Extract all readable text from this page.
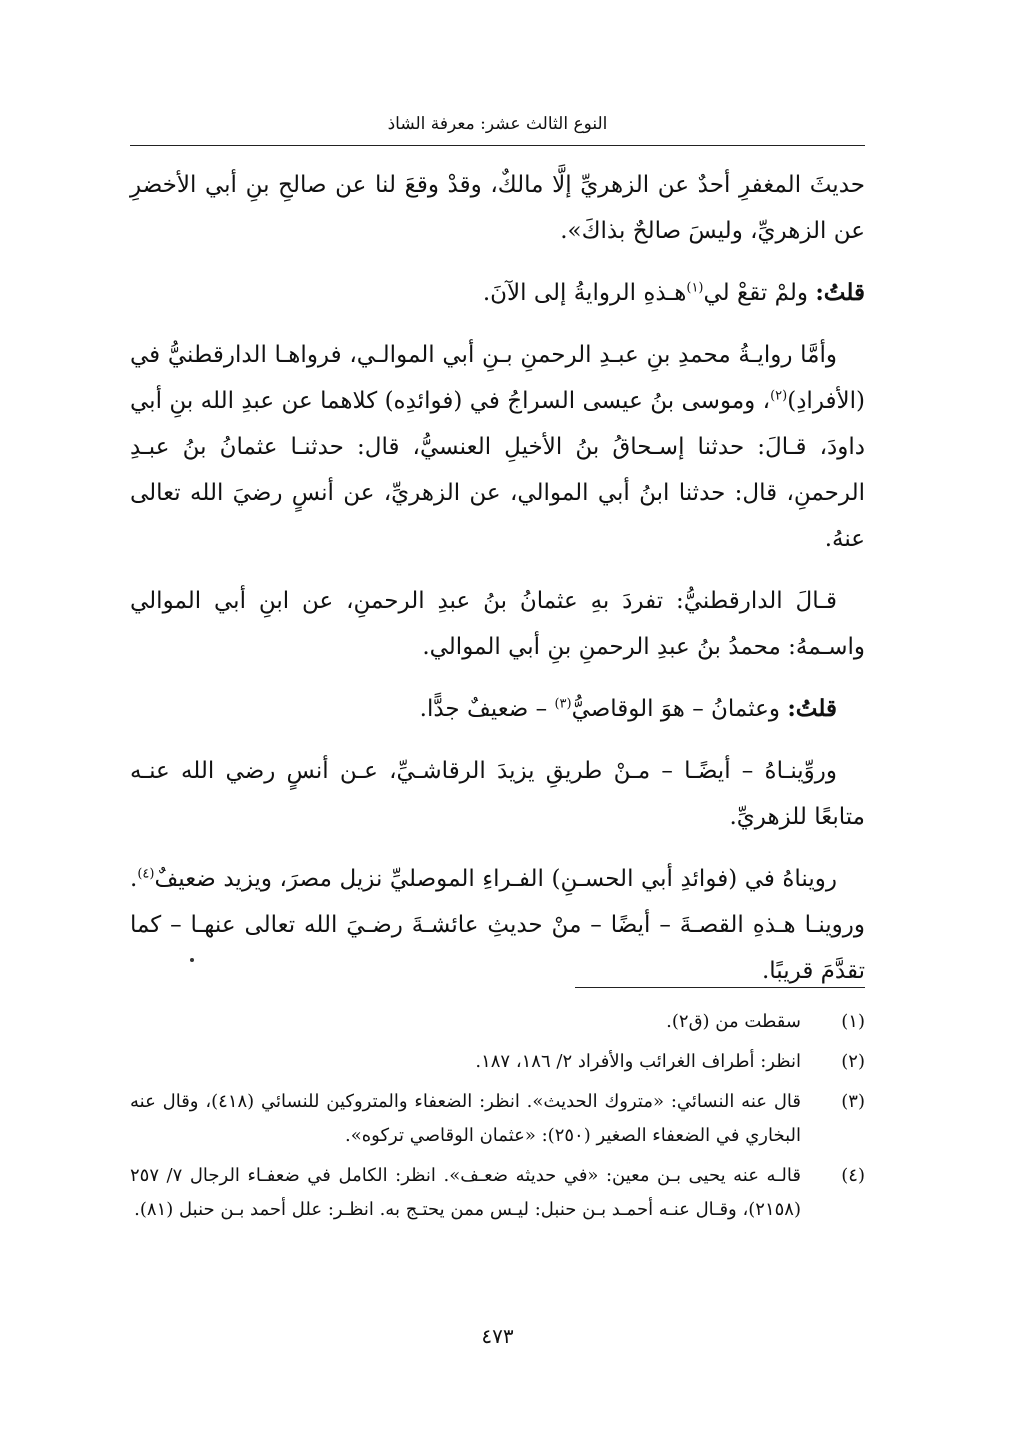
النوع الثالث عشر: معرفة الشاذ

حديثَ المغفرِ أحدٌ عن الزهريِّ إلَّا مالكٌ، وقدْ وقعَ لنا عن صالحِ بنِ أبي الأخضرِ عن الزهريِّ، وليسَ صالحٌ بذاكَ».

قلتُ: ولمْ تقعْ لي$^{(١)}$هـذهِ الروايةُ إلى الآنَ.

وأمَّا روايـةُ محمدِ بنِ عبـدِ الرحمنِ بـنِ أبي الموالـي، فرواهـا الدارقطنيُّ في (الأفرادِ)$^{(٢)}$، وموسى بنُ عيسى السراجُ في (فوائدِه) كلاهما عن عبدِ الله بنِ أبي داودَ، قـالَ: حدثنا إسـحاقُ بنُ الأخيلِ العنسيُّ، قال: حدثنـا عثمانُ بنُ عبـدِ الرحمنِ، قال: حدثنا ابنُ أبي الموالي، عن الزهريِّ، عن أنسٍ رضيَ الله تعالى عنهُ.

قـالَ الدارقطنيُّ: تفردَ بهِ عثمانُ بنُ عبدِ الرحمنِ، عن ابنِ أبي الموالي واسـمهُ: محمدُ بنُ عبدِ الرحمنِ بنِ أبي الموالي.

قلتُ: وعثمانُ – هوَ الوقاصيُّ$^{(٣)}$ – ضعيفٌ جدًّا.

وروِّينـاهُ – أيضًـا – مـنْ طريقِ يزيدَ الرقاشـيِّ، عـن أنسٍ رضي الله عنـه متابعًا للزهريِّ.

رويناهُ في (فوائدِ أبي الحسـنِ) الفـراءِ الموصليِّ نزيل مصرَ، ويزيد ضعيفٌ$^{(٤)}$. وروينـا هـذهِ القصـةَ – أيضًا – منْ حديثِ عائشـةَ رضـيَ الله تعالى عنهـا – كما تقدَّمَ قريبًا.

(١)
سقطت من (ق٢).
(٢)
انظر: أطراف الغرائب والأفراد ٢/ ١٨٦، ١٨٧.
(٣)
قال عنه النسائي: «متروك الحديث». انظر: الضعفاء والمتروكين للنسائي (٤١٨)، وقال عنه البخاري في الضعفاء الصغير (٢٥٠): «عثمان الوقاصي تركوه».
(٤)
قالـه عنه يحيى بـن معين: «في حديثه ضعـف». انظر: الكامل في ضعفـاء الرجال ٧/ ٢٥٧ (٢١٥٨)، وقـال عنـه أحمـد بـن حنبل: ليـس ممن يحتـج به. انظـر: علل أحمد بـن حنبل (٨١).
٤٧٣
